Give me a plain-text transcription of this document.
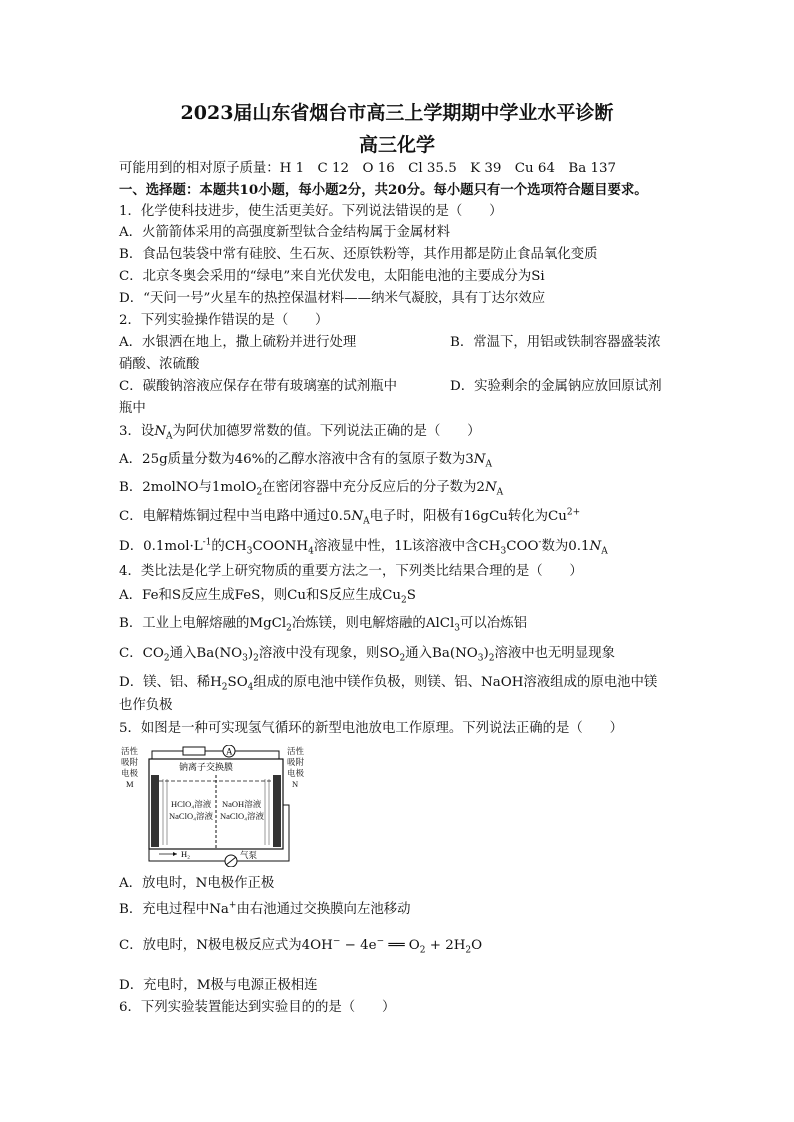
2023届山东省烟台市高三上学期期中学业水平诊断
高三化学
可能用到的相对原子质量：H 1　C 12　O 16　Cl 35.5　K 39　Cu 64　Ba 137
一、选择题：本题共10小题，每小题2分，共20分。每小题只有一个选项符合题目要求。
1．化学使科技进步，使生活更美好。下列说法错误的是（　　）
A．火箭箭体采用的高强度新型钛合金结构属于金属材料
B．食品包装袋中常有硅胶、生石灰、还原铁粉等，其作用都是防止食品氧化变质
C．北京冬奥会采用的“绿电”来自光伏发电，太阳能电池的主要成分为Si
D．“天问一号”火星车的热控保温材料——纳米气凝胶，具有丁达尔效应
2．下列实验操作错误的是（　　）
A．水银洒在地上，撒上硫粉并进行处理	B．常温下，用铝或铁制容器盛装浓
硝酸、浓硫酸
C．碳酸钠溶液应保存在带有玻璃塞的试剂瓶中	D．实验剩余的金属钠应放回原试剂
瓶中
3．设$N_A$为阿伏加德罗常数的值。下列说法正确的是（　　）
A．25g质量分数为46%的乙醇水溶液中含有的氢原子数为$3N_A$
B．2molNO与1molO$_2$在密闭容器中充分反应后的分子数为$2N_A$
C．电解精炼铜过程中当电路中通过$0.5N_A$电子时，阳极有16gCu转化为$Cu^{2+}$
D．$0.1mol\cdot L^{-1}$的$CH_3COONH_4$溶液显中性，1L该溶液中含$CH_3COO^-$数为$0.1N_A$
4．类比法是化学上研究物质的重要方法之一，下列类比结果合理的是（　　）
A．Fe和S反应生成FeS，则Cu和S反应生成$Cu_2S$
B．工业上电解熔融的MgCl$_2$冶炼镁，则电解熔融的AlCl$_3$可以冶炼铝
C．$CO_2$通入$Ba(NO_3)_2$溶液中没有现象，则$SO_2$通入$Ba(NO_3)_2$溶液中也无明显现象
D．镁、铝、稀$H_2SO_4$组成的原电池中镁作负极，则镁、铝、NaOH溶液组成的原电池中镁
也作负极
5．如图是一种可实现氢气循环的新型电池放电工作原理。下列说法正确的是（　　）
活性
吸附
电极
M
活性
吸附
电极
N
A
钠离子交换膜
HClO₄溶液
NaClO₄溶液
NaOH溶液
NaClO₄溶液
H₂	气泵
A．放电时，N电极作正极
B．充电过程中Na+由右池通过交换膜向左池移动
C．放电时，N极电极反应式为4OH− − 4e− ══ $O_2 + 2H_2O$
D．充电时，M极与电源正极相连
6．下列实验装置能达到实验目的的是（　　）
